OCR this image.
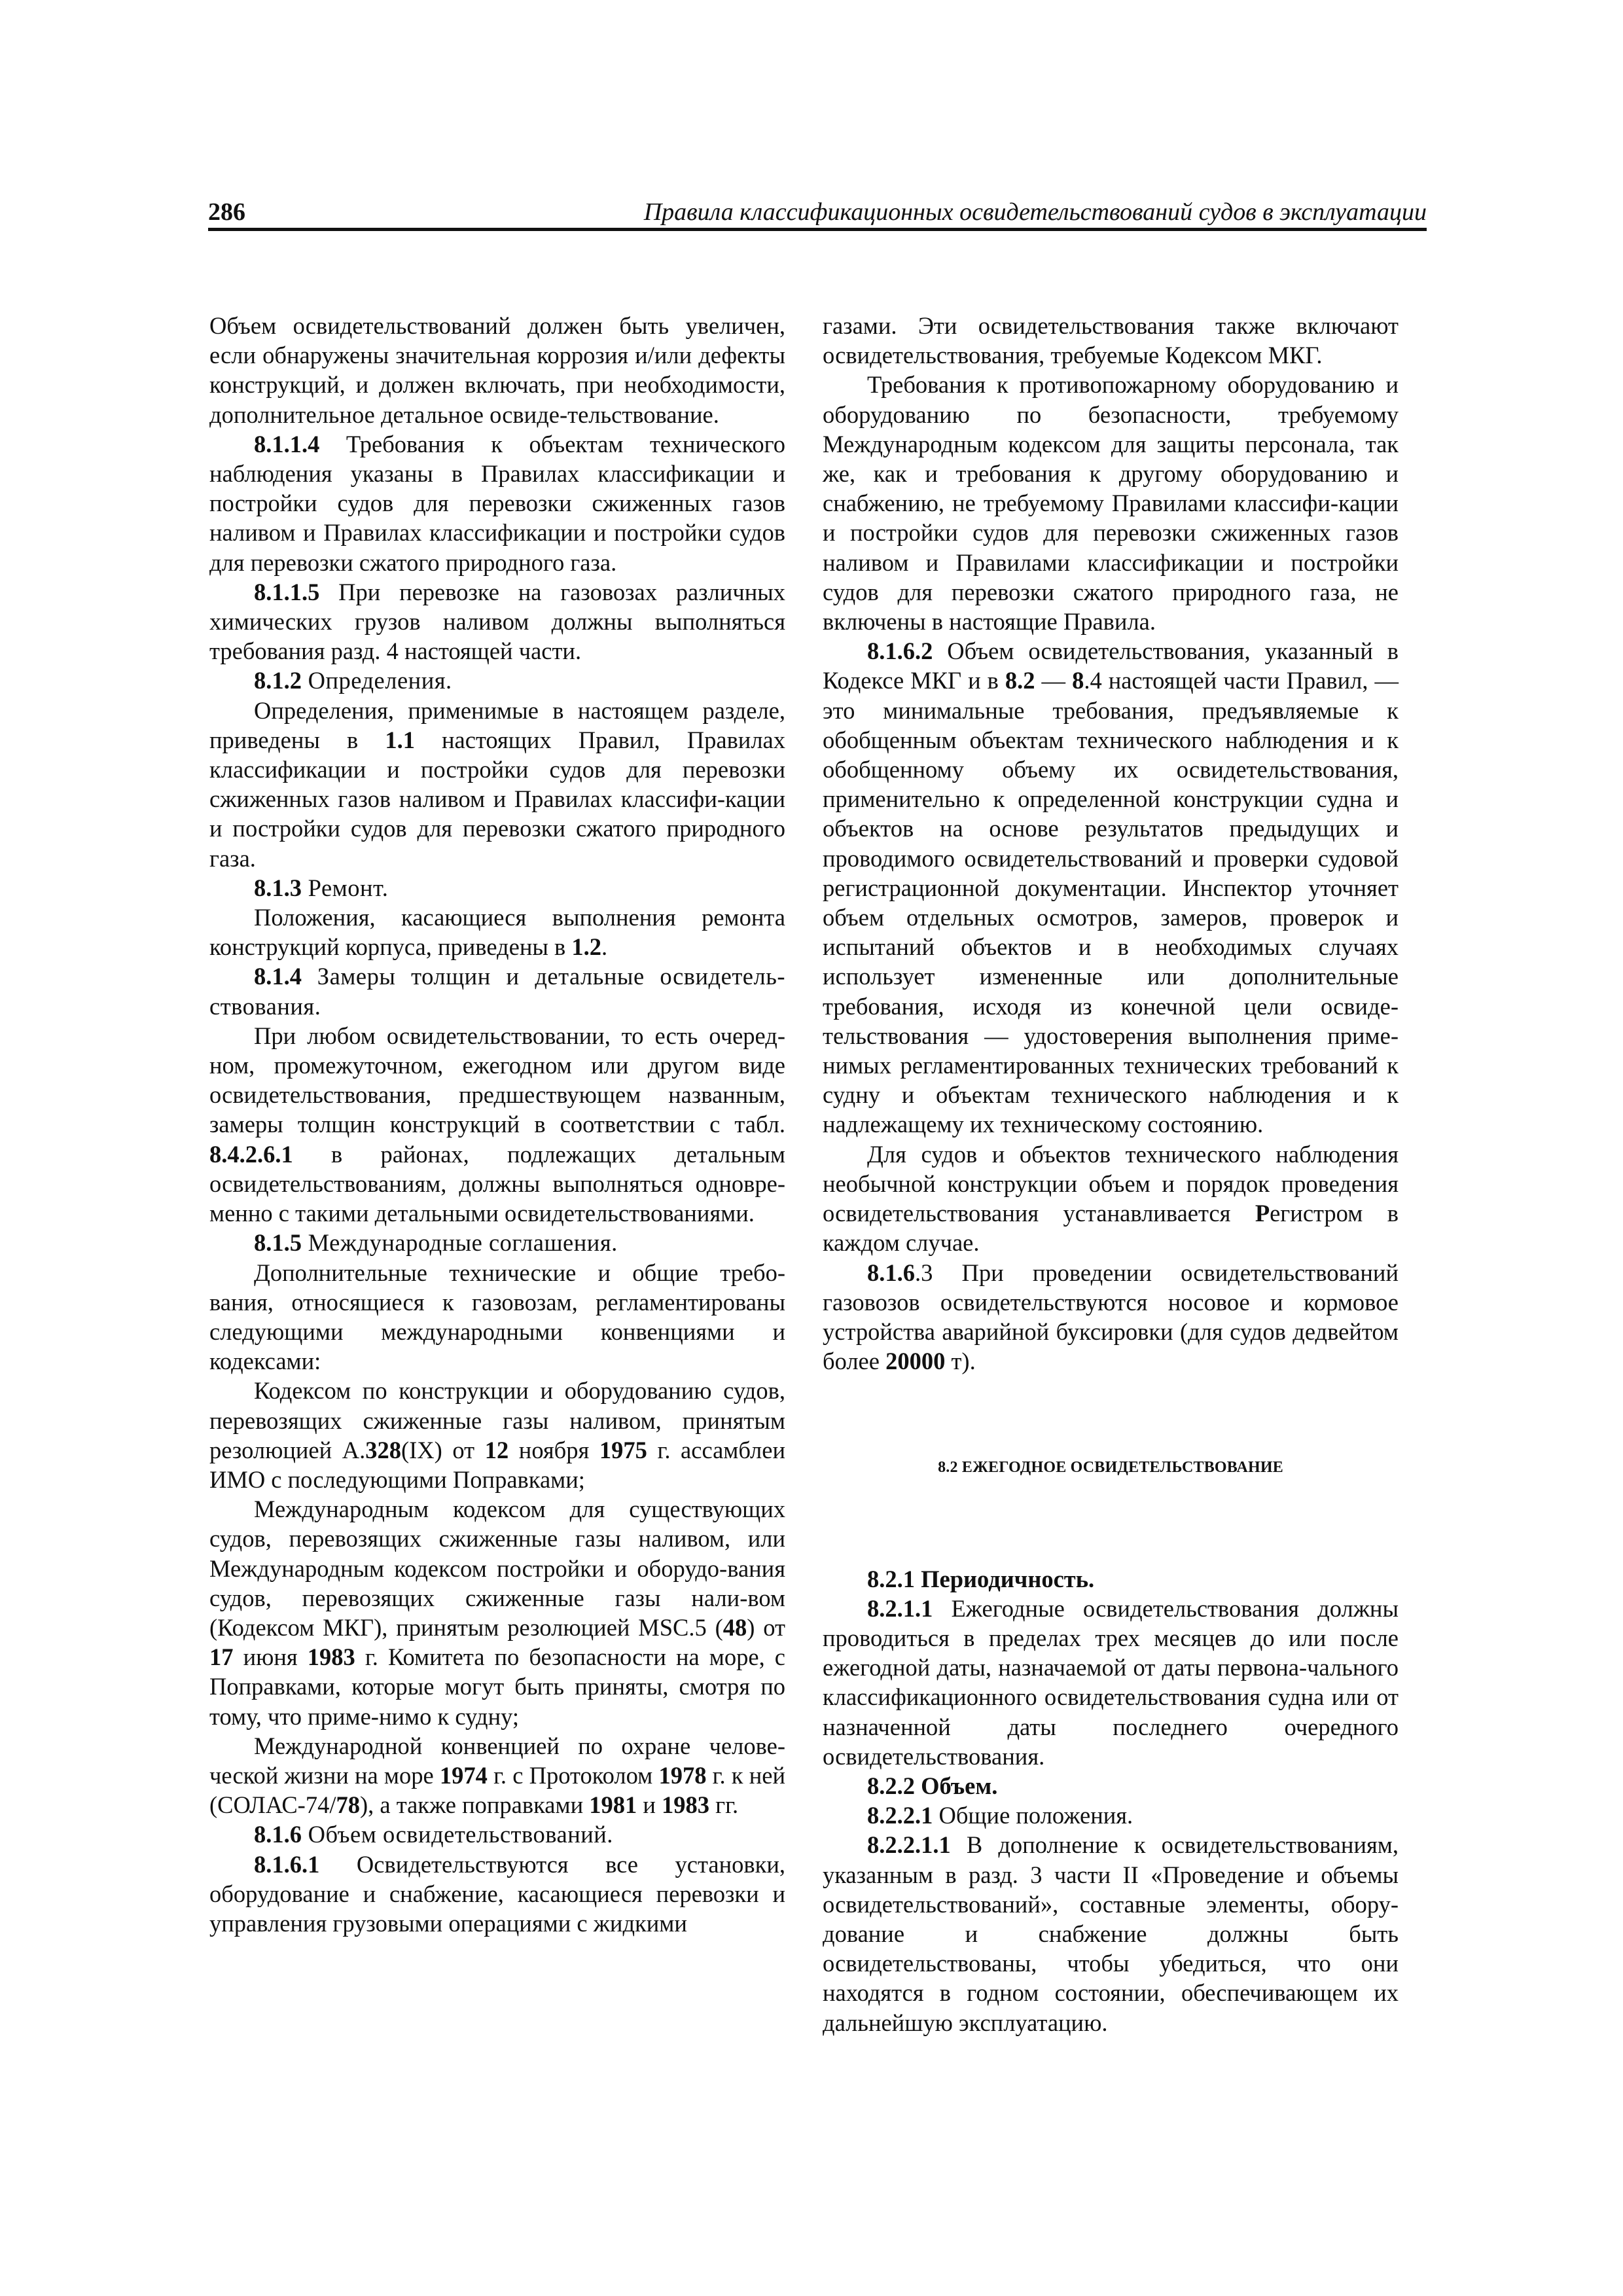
286	Правила классификационных освидетельствований судов в эксплуатации

Объем освидетельствований должен быть увеличен, если обнаружены значительная коррозия и/или дефекты конструкций, и должен включать, при необходимости, дополнительное детальное освиде-тельствование.

8.1.1.4 Требования к объектам технического наблюдения указаны в Правилах классификации и постройки судов для перевозки сжиженных газов наливом и Правилах классификации и постройки судов для перевозки сжатого природного газа.

8.1.1.5 При перевозке на газовозах различных химических грузов наливом должны выполняться требования разд. 4 настоящей части.

8.1.2 Определения.

Определения, применимые в настоящем разделе, приведены в 1.1 настоящих Правил, Правилах классификации и постройки судов для перевозки сжиженных газов наливом и Правилах классифи-кации и постройки судов для перевозки сжатого природного газа.

8.1.3 Ремонт.

Положения, касающиеся выполнения ремонта конструкций корпуса, приведены в 1.2.

8.1.4 Замеры толщин и детальные освидетель-ствования.

При любом освидетельствовании, то есть очеред-ном, промежуточном, ежегодном или другом виде освидетельствования, предшествующем названным, замеры толщин конструкций в соответствии с табл. 8.4.2.6.1 в районах, подлежащих детальным освидетельствованиям, должны выполняться одновре-менно с такими детальными освидетельствованиями.

8.1.5 Международные соглашения.

Дополнительные технические и общие требо-вания, относящиеся к газовозам, регламентированы следующими международными конвенциями и кодексами:

Кодексом по конструкции и оборудованию судов, перевозящих сжиженные газы наливом, принятым резолюцией А.328(IX) от 12 ноября 1975 г. ассамблеи ИМО с последующими Поправками;

Международным кодексом для существующих судов, перевозящих сжиженные газы наливом, или Международным кодексом постройки и оборудо-вания судов, перевозящих сжиженные газы нали-вом (Кодексом МКГ), принятым резолюцией MSC.5 (48) от 17 июня 1983 г. Комитета по безопасности на море, с Поправками, которые могут быть приняты, смотря по тому, что приме-нимо к судну;

Международной конвенцией по охране челове-ческой жизни на море 1974 г. с Протоколом 1978 г. к ней (СОЛАС-74/78), а также поправками 1981 и 1983 гг.

8.1.6 Объем освидетельствований.

8.1.6.1 Освидетельствуются все установки, оборудование и снабжение, касающиеся перевозки и управления грузовыми операциями с жидкими

газами. Эти освидетельствования также включают освидетельствования, требуемые Кодексом МКГ.

Требования к противопожарному оборудованию и оборудованию по безопасности, требуемому Международным кодексом для защиты персонала, так же, как и требования к другому оборудованию и снабжению, не требуемому Правилами классифи-кации и постройки судов для перевозки сжиженных газов наливом и Правилами классификации и постройки судов для перевозки сжатого природного газа, не включены в настоящие Правила.

8.1.6.2 Объем освидетельствования, указанный в Кодексе МКГ и в 8.2 — 8.4 настоящей части Правил, — это минимальные требования, предъявляемые к обобщенным объектам технического наблюдения и к обобщенному объему их освидетельствования, применительно к определенной конструкции судна и объектов на основе результатов предыдущих и проводимого освидетельствований и проверки судовой регистрационной документации. Инспектор уточняет объем отдельных осмотров, замеров, проверок и испытаний объектов и в необходимых случаях использует измененные или дополнительные требования, исходя из конечной цели освиде-тельствования — удостоверения выполнения приме-нимых регламентированных технических требований к судну и объектам технического наблюдения и к надлежащему их техническому состоянию.

Для судов и объектов технического наблюдения необычной конструкции объем и порядок проведения освидетельствования устанавливается Регистром в каждом случае.

8.1.6.3 При проведении освидетельствований газовозов освидетельствуются носовое и кормовое устройства аварийной буксировки (для судов дедвейтом более 20000 т).

8.2 ЕЖЕГОДНОЕ ОСВИДЕТЕЛЬСТВОВАНИЕ

8.2.1 Периодичность.

8.2.1.1 Ежегодные освидетельствования должны проводиться в пределах трех месяцев до или после ежегодной даты, назначаемой от даты первона-чального классификационного освидетельствования судна или от назначенной даты последнего очередного освидетельствования.

8.2.2 Объем.

8.2.2.1 Общие положения.

8.2.2.1.1 В дополнение к освидетельствованиям, указанным в разд. 3 части II «Проведение и объемы освидетельствований», составные элементы, обору-дование и снабжение должны быть освидетельствованы, чтобы убедиться, что они находятся в годном состоянии, обеспечивающем их дальнейшую эксплуатацию.
